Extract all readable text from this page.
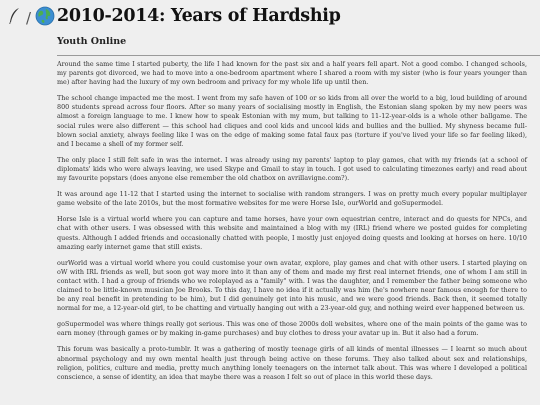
/ 2010-2014: Years of Hardship
Youth Online

Around the same time I started puberty, the life I had known for the past six and a half years fell apart. Not a good combo. I changed schools, my parents got divorced, we had to move into a one-bedroom apartment where I shared a room with my sister (who is four years younger than me) after having had the luxury of my own bedroom and privacy for my whole life up until then.

The school change impacted me the most. I went from my safe haven of 100 or so kids from all over the world to a big, loud building of around 800 students spread across four floors. After so many years of socialising mostly in English, the Estonian slang spoken by my new peers was almost a foreign language to me. I knew how to speak Estonian with my mum, but talking to 11-12-year-olds is a whole other ballgame. The social rules were also different — this school had cliques and cool kids and uncool kids and bullies and the bullied. My shyness became full-blown social anxiety, always feeling like I was on the edge of making some fatal faux pas (torture if you've lived your life so far feeling liked), and I became a shell of my former self.

The only place I still felt safe in was the internet. I was already using my parents' laptop to play games, chat with my friends (at a school of diplomats' kids who were always leaving, we used Skype and Gmail to stay in touch. I got used to calculating timezones early) and read about my favourite popstars (does anyone else remember the old chatbox on avrillavigne.com?).

It was around age 11-12 that I started using the internet to socialise with random strangers. I was on pretty much every popular multiplayer game website of the late 2010s, but the most formative websites for me were Horse Isle, ourWorld and goSupermodel.

Horse Isle is a virtual world where you can capture and tame horses, have your own equestrian centre, interact and do quests for NPCs, and chat with other users. I was obsessed with this website and maintained a blog with my (IRL) friend where we posted guides for completing quests. Although I added friends and occasionally chatted with people, I mostly just enjoyed doing quests and looking at horses on here. 10/10 amazing early internet game that still exists.

ourWorld was a virtual world where you could customise your own avatar, explore, play games and chat with other users. I started playing on oW with IRL friends as well, but soon got way more into it than any of them and made my first real internet friends, one of whom I am still in contact with. I had a group of friends who we roleplayed as a "family" with. I was the daughter, and I remember the father being someone who claimed to be little-known musician Joe Brooks. To this day, I have no idea if it actually was him (he's nowhere near famous enough for there to be any real benefit in pretending to be him), but I did genuinely get into his music, and we were good friends. Back then, it seemed totally normal for me, a 12-year-old girl, to be chatting and virtually hanging out with a 23-year-old guy, and nothing weird ever happened between us.

goSupermodel was where things really got serious. This was one of those 2000s doll websites, where one of the main points of the game was to earn money (through games or by making in-game purchases) and buy clothes to dress your avatar up in. But it also had a forum.

This forum was basically a proto-tumblr. It was a gathering of mostly teenage girls of all kinds of mental illnesses — I learnt so much about abnormal psychology and my own mental health just through being active on these forums. They also talked about sex and relationships, religion, politics, culture and media, pretty much anything lonely teenagers on the internet talk about. This was where I developed a political conscience, a sense of identity, an idea that maybe there was a reason I felt so out of place in this world these days.
